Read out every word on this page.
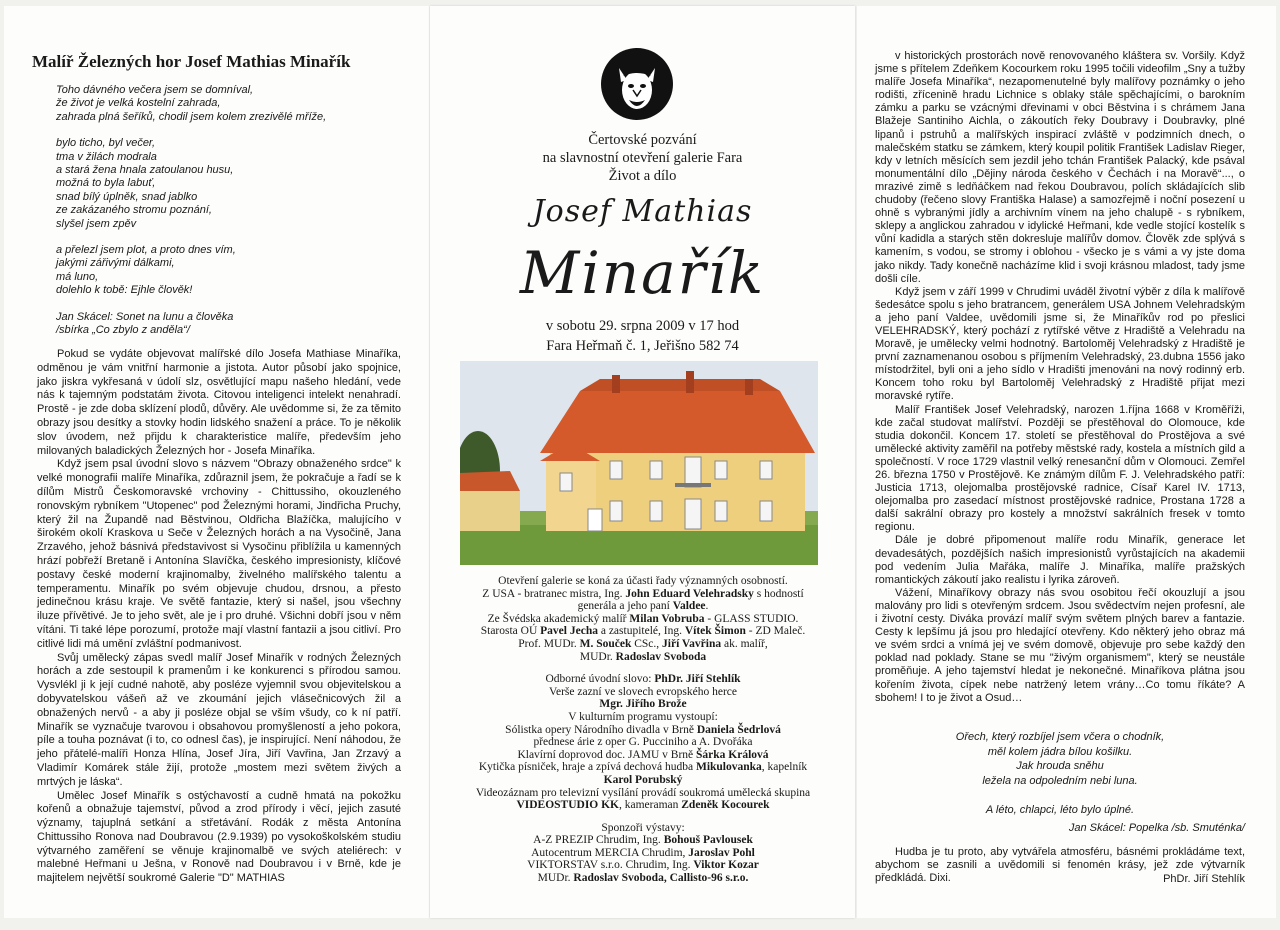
Malíř Železných hor Josef Mathias Minařík
Toho dávného večera jsem se domníval,
že život je velká kostelní zahrada,
zahrada plná šeříků, chodil jsem kolem zrezivělé mříže,
bylo ticho, byl večer,
tma v žilách modrala
a stará žena hnala zatoulanou husu,
možná to byla labuť,
snad bílý úplněk, snad jablko
ze zakázaného stromu poznání,
slyšel jsem zpěv
a přelezl jsem plot, a proto dnes vím,
jakými zářivými dálkami,
má luno,
dolehlo k tobě: Ejhle člověk!
Jan Skácel: Sonet na lunu a člověka
/sbírka „Co zbylo z anděla“/

Pokud se vydáte objevovat malířské dílo Josefa Mathiase Minaříka, odměnou je vám vnitřní harmonie a jistota. Autor působí jako spojnice, jako jiskra vykřesaná v údolí slz, osvětlující mapu našeho hledání, vede nás k tajemným podstatám života. Citovou inteligenci intelekt nenahradí. Prostě - je zde doba sklízení plodů, důvěry. Ale uvědomme si, že za těmito obrazy jsou desítky a stovky hodin lidského snažení a práce. To je několik slov úvodem, než přijdu k charakteristice malíře, především jeho milovaných baladických Železných hor - Josefa Minaříka.

Když jsem psal úvodní slovo s názvem "Obrazy obnaženého srdce" k velké monografii malíře Minaříka, zdůraznil jsem, že pokračuje a řadí se k dílům Mistrů Českomoravské vrchoviny - Chittussiho, okouzleného ronovským rybníkem "Utopenec" pod Železnými horami, Jindřicha Pruchy, který žil na Župandě nad Běstvinou, Oldřicha Blažíčka, malujícího v širokém okolí Kraskova u Seče v Železných horách a na Vysočině, Jana Zrzavého, jehož básnivá představivost si Vysočinu přiblížila u kamenných hrází pobřeží Bretaně i Antonína Slavíčka, českého impresionisty, klíčové postavy české moderní krajinomalby, živelného malířského talentu a temperamentu. Minařík po svém objevuje chudou, drsnou, a přesto jedinečnou krásu kraje. Ve světě fantazie, který si našel, jsou všechny iluze přívětivé. Je to jeho svět, ale je i pro druhé. Všichni dobří jsou v něm vítáni. Ti také lépe porozumí, protože mají vlastní fantazii a jsou citliví. Pro citlivé lidi má umění zvláštní podmanivost.

Svůj umělecký zápas svedl malíř Josef Minařík v rodných Železných horách a zde sestoupil k pramenům i ke konkurenci s přírodou samou. Vysvlékl ji k její cudné nahotě, aby posléze vyjemnil svou objevitelskou a dobyvatelskou vášeň až ve zkoumání jejich vlásečnicových žil a obnažených nervů - a aby ji posléze objal se vším všudy, co k ní patří. Minařík se vyznačuje tvarovou i obsahovou promyšleností a jeho pokora, píle a touha poznávat (i to, co odnesl čas), je inspirující. Není náhodou, že jeho přátelé-malíři Honza Hlína, Josef Jíra, Jiří Vavřina, Jan Zrzavý a Vladimír Komárek stále žijí, protože „mostem mezi světem živých a mrtvých je láska“.

Umělec Josef Minařík s ostýchavostí a cudně hmatá na pokožku kořenů a obnažuje tajemství, původ a zrod přírody i věcí, jejich zasuté významy, tajuplná setkání a střetávání. Rodák z města Antonína Chittussiho Ronova nad Doubravou (2.9.1939) po vysokoškolském studiu výtvarného zaměření se věnuje krajinomalbě ve svých ateliérech: v malebné Heřmani u Ješna, v Ronově nad Doubravou i v Brně, kde je majitelem největší soukromé Galerie "D" MATHIAS

Čertovské pozvání
na slavnostní otevření galerie Fara
Život a dílo
Josef Mathias
Minařík
v sobotu 29. srpna 2009 v 17 hod
Fara Heřmaň č. 1, Jeřišno 582 74

Otevření galerie se koná za účasti řady významných osobností.

Z USA - bratranec mistra, Ing. John Eduard Velehradsky s hodností

generála a jeho paní Valdee.

Ze Švédska akademický malíř Milan Vobruba - GLASS STUDIO.

Starosta OÚ Pavel Jecha a zastupitelé, Ing. Vítek Šimon - ZD Maleč.

Prof. MUDr. M. Souček CSc., Jiří Vavřina ak. malíř,

MUDr. Radoslav Svoboda

Odborné úvodní slovo: PhDr. Jiří Stehlík

Verše zazní ve slovech evropského herce

Mgr. Jiřího Brože

V kulturním programu vystoupí:

Sólistka opery Národního divadla v Brně Daniela Šedrlová

přednese árie z oper G. Pucciniho a A. Dvořáka

Klavírní doprovod doc. JAMU v Brně Šárka Králová

Kytička písniček, hraje a zpívá dechová hudba Mikulovanka, kapelník

Karol Porubský

Videozáznam pro televizní vysílání provádí soukromá umělecká skupina

VIDEOSTUDIO KK, kameraman Zdeněk Kocourek

Sponzoři výstavy:

A-Z PREZIP Chrudim, Ing. Bohouš Pavlousek

Autocentrum MERCIA Chrudim, Jaroslav Pohl

VIKTORSTAV s.r.o. Chrudim, Ing. Viktor Kozar

MUDr. Radoslav Svoboda, Callisto-96 s.r.o.

v historických prostorách nově renovovaného kláštera sv. Voršily. Když jsme s přítelem Zdeňkem Kocourkem roku 1995 točili videofilm „Sny a tužby malíře Josefa Minaříka“, nezapomenutelné byly malířovy poznámky o jeho rodišti, zřícenině hradu Lichnice s oblaky stále spěchajícími, o barokním zámku a parku se vzácnými dřevinami v obci Běstvina i s chrámem Jana Blažeje Santiniho Aichla, o zákoutích řeky Doubravy i Doubravky, plné lipanů i pstruhů a malířských inspirací zvláště v podzimních dnech, o malečském statku se zámkem, který koupil politik František Ladislav Rieger, kdy v letních měsících sem jezdil jeho tchán František Palacký, kde psával monumentální dílo „Dějiny národa českého v Čechách i na Moravě“..., o mrazivé zimě s ledňáčkem nad řekou Doubravou, polích skládajících slib chudoby (řečeno slovy Františka Halase) a samozřejmě i noční posezení u ohně s vybranými jídly a archivním vínem na jeho chalupě - s rybníkem, sklepy a anglickou zahradou v idylické Heřmani, kde vedle stojící kostelík s vůní kadidla a starých stěn dokresluje malířův domov. Člověk zde splývá s kamením, s vodou, se stromy i oblohou - všecko je s vámi a vy jste doma jako nikdy. Tady konečně nacházíme klid i svoji krásnou mladost, tady jsme došli cíle.

Když jsem v září 1999 v Chrudimi uváděl životní výběr z díla k malířově šedesátce spolu s jeho bratrancem, generálem USA Johnem Velehradským a jeho paní Valdee, uvědomili jsme si, že Minaříkův rod po přeslici VELEHRADSKÝ, který pochází z rytířské větve z Hradiště a Velehradu na Moravě, je umělecky velmi hodnotný. Bartoloměj Velehradský z Hradiště je první zaznamenanou osobou s příjmením Velehradský, 23.dubna 1556 jako místodržitel, byli oni a jeho sídlo v Hradišti jmenováni na nový rodinný erb. Koncem toho roku byl Bartoloměj Velehradský z Hradiště přijat mezi moravské rytíře.

Malíř František Josef Velehradský, narozen 1.října 1668 v Kroměříži, kde začal studovat malířství. Později se přestěhoval do Olomouce, kde studia dokončil. Koncem 17. století se přestěhoval do Prostějova a své umělecké aktivity zaměřil na potřeby městské rady, kostela a místních gild a společností. V roce 1729 vlastnil velký renesanční dům v Olomouci. Zemřel 26. března 1750 v Prostějově. Ke známým dílům F. J. Velehradského patří: Justicia 1713, olejomalba prostějovské radnice, Císař Karel IV. 1713, olejomalba pro zasedací místnost prostějovské radnice, Prostana 1728 a další sakrální obrazy pro kostely a množství sakrálních fresek v tomto regionu.

Dále je dobré připomenout malíře rodu Minařík, generace let devadesátých, pozdějších našich impresionistů vyrůstajících na akademii pod vedením Julia Mařáka, malíře J. Minaříka, malíře pražských romantických zákoutí jako realistu i lyrika zároveň.

Vážení, Minaříkovy obrazy nás svou osobitou řečí okouzlují a jsou malovány pro lidi s otevřeným srdcem. Jsou svědectvím nejen profesní, ale i životní cesty. Diváka provází malíř svým světem plných barev a fantazie. Cesty k lepšímu já jsou pro hledající otevřeny. Kdo některý jeho obraz má ve svém srdci a vnímá jej ve svém domově, objevuje pro sebe každý den poklad nad poklady. Stane se mu "živým organismem", který se neustále proměňuje. A jeho tajemství hledat je nekonečné. Minaříkova plátna jsou kořením života, cípek nebe natržený letem vrány…Co tomu říkáte? A sbohem! I to je život a Osud…

Ořech, který rozbíjel jsem včera o chodník,
měl kolem jádra bílou košilku.
Jak hrouda sněhu
ležela na odpoledním nebi luna.

A léto, chlapci, léto bylo úplné.
Jan Skácel: Popelka /sb. Smuténka/

Hudba je tu proto, aby vytvářela atmosféru, básnémi prokládáme text, abychom se zasnili a uvědomili si fenomén krásy, jež zde výtvarník předkládá. Dixi.	PhDr. Jiří Stehlík
